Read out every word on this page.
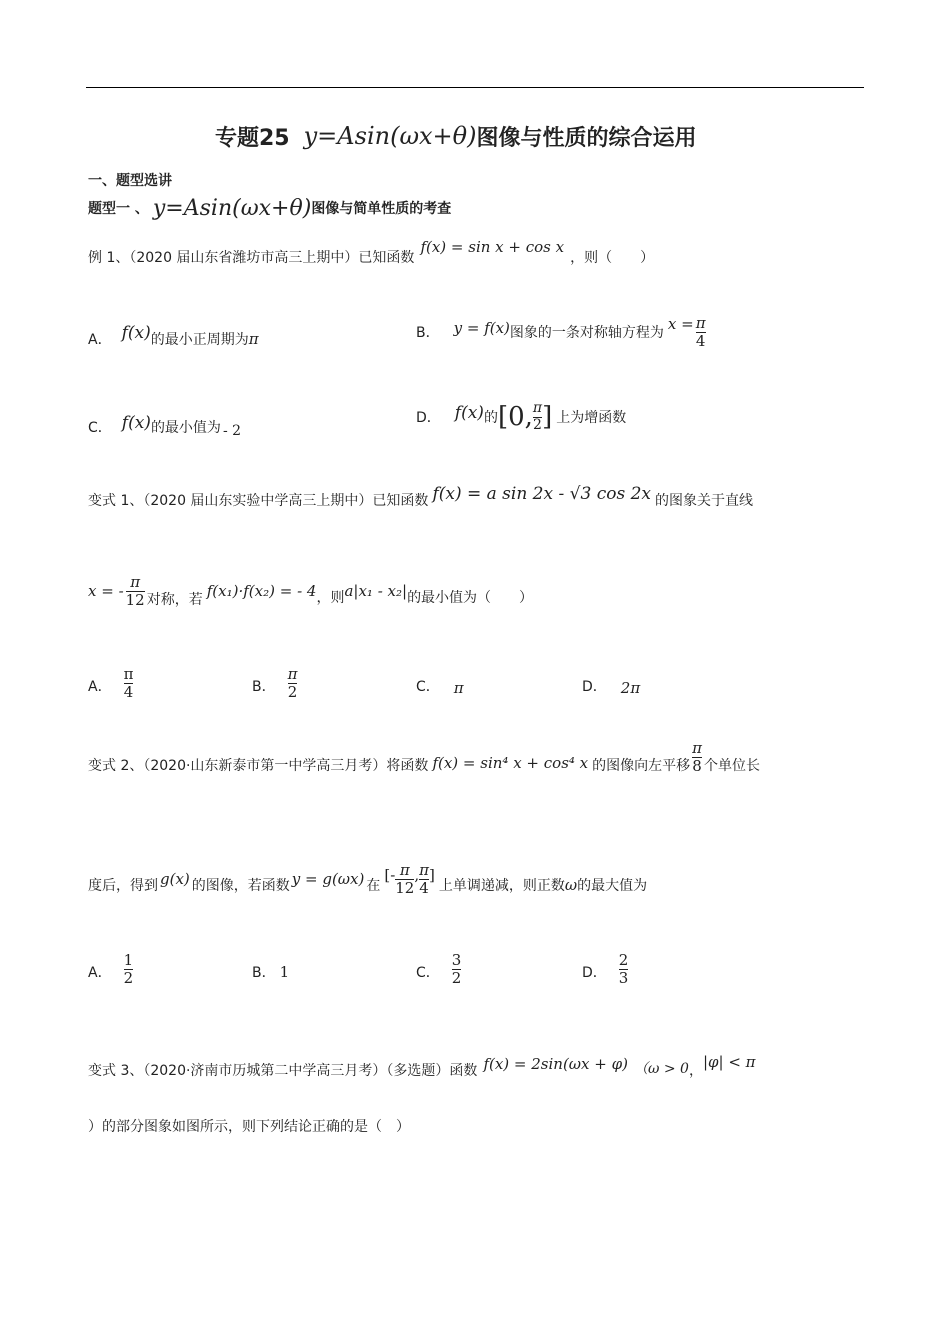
专题25 y=Asin(ωx+θ) 图像与性质的综合运用
一、题型选讲
题型一 、 y=Asin(ωx+θ) 图像与简单性质的考查
例 1、（2020 届山东省潍坊市高三上期中）已知函数
f(x) = sin x + cos x
，则（　　）
A． f(x) 的最小正周期为 π	B． y = f(x) 图象的一条对称轴方程为 $x = \frac{\pi}{4}$
C． f(x) 的最小值为 - 2
D． f(x) 的 [0, $\frac{\pi}{2}$ ] 上为增函数
变式 1、（2020 届山东实验中学高三上期中）已知函数 f(x) = a sin 2x - √3 cos 2x 的图象关于直线
x = - $\frac{\pi}{12}$ 对称，若 f(x₁)·f(x₂) = - 4 ，则 a|x₁ - x₂| 的最小值为（　　）
A． $\frac{\pi}{4}$	B． $\frac{\pi}{2}$	C． π	D． 2π
变式 2、（2020·山东新泰市第一中学高三月考）将函数 f(x) = sin⁴ x + cos⁴ x 的图像向左平移 $\frac{\pi}{8}$ 个单位长
度后，得到 g(x) 的图像，若函数 y = g(ωx) 在
[- $\frac{\pi}{12}$ , $\frac{\pi}{4}$ ]
上单调递减，则正数 ω 的最大值为
A． $\frac{1}{2}$	B． 1	C． $\frac{3}{2}$	D． $\frac{2}{3}$
变式 3、（2020·济南市历城第二中学高三月考）（多选题）函数 f(x) = 2sin(ωx + φ) （ω > 0 ， |φ| < π
）的部分图象如图所示，则下列结论正确的是（　）
